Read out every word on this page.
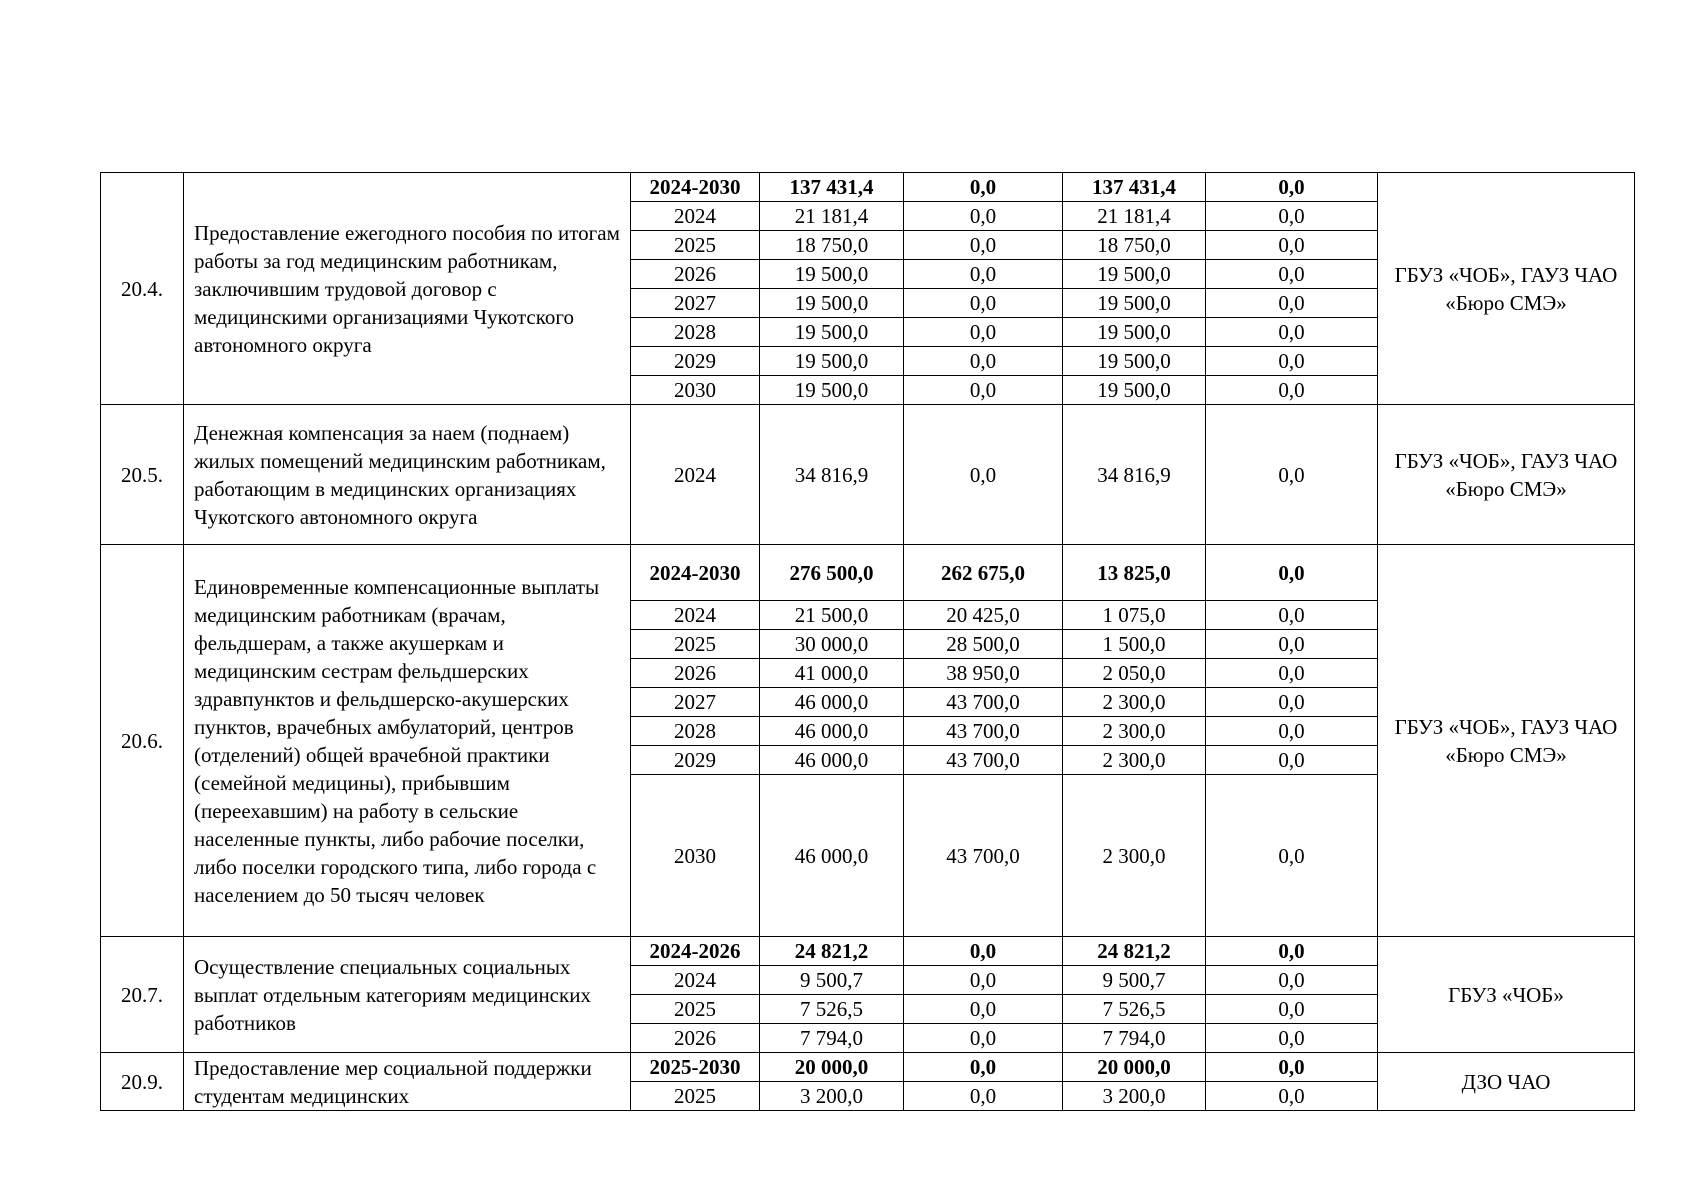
20.4.	Предоставление ежегодного пособия по итогам работы за год медицинским работникам, заключившим трудовой договор с медицинскими организациями Чукотского автономного округа	2024-2030	137 431,4	0,0	137 431,4	0,0	ГБУЗ «ЧОБ», ГАУЗ ЧАО «Бюро СМЭ»
		2024	21 181,4	0,0	21 181,4	0,0	
		2025	18 750,0	0,0	18 750,0	0,0	
		2026	19 500,0	0,0	19 500,0	0,0	
		2027	19 500,0	0,0	19 500,0	0,0	
		2028	19 500,0	0,0	19 500,0	0,0	
		2029	19 500,0	0,0	19 500,0	0,0	
		2030	19 500,0	0,0	19 500,0	0,0	
20.5.	Денежная компенсация за наем (поднаем) жилых помещений медицинским работникам, работающим в медицинских организациях Чукотского автономного округа	2024	34 816,9	0,0	34 816,9	0,0	ГБУЗ «ЧОБ», ГАУЗ ЧАО «Бюро СМЭ»
20.6.	Единовременные компенсационные выплаты медицинским работникам (врачам, фельдшерам, а также акушеркам и медицинским сестрам фельдшерских здравпунктов и фельдшерско-акушерских пунктов, врачебных амбулаторий, центров (отделений) общей врачебной практики (семейной медицины), прибывшим (переехавшим) на работу в сельские населенные пункты, либо рабочие поселки, либо поселки городского типа, либо города с населением до 50 тысяч человек	2024-2030	276 500,0	262 675,0	13 825,0	0,0	ГБУЗ «ЧОБ», ГАУЗ ЧАО «Бюро СМЭ»
		2024	21 500,0	20 425,0	1 075,0	0,0	
		2025	30 000,0	28 500,0	1 500,0	0,0	
		2026	41 000,0	38 950,0	2 050,0	0,0	
		2027	46 000,0	43 700,0	2 300,0	0,0	
		2028	46 000,0	43 700,0	2 300,0	0,0	
		2029	46 000,0	43 700,0	2 300,0	0,0	
		2030	46 000,0	43 700,0	2 300,0	0,0	
20.7.	Осуществление специальных социальных выплат отдельным категориям медицинских работников	2024-2026	24 821,2	0,0	24 821,2	0,0	ГБУЗ «ЧОБ»
		2024	9 500,7	0,0	9 500,7	0,0	
		2025	7 526,5	0,0	7 526,5	0,0	
		2026	7 794,0	0,0	7 794,0	0,0	
20.9.	Предоставление мер социальной поддержки студентам медицинских	2025-2030	20 000,0	0,0	20 000,0	0,0	ДЗО ЧАО
		2025	3 200,0	0,0	3 200,0	0,0	
